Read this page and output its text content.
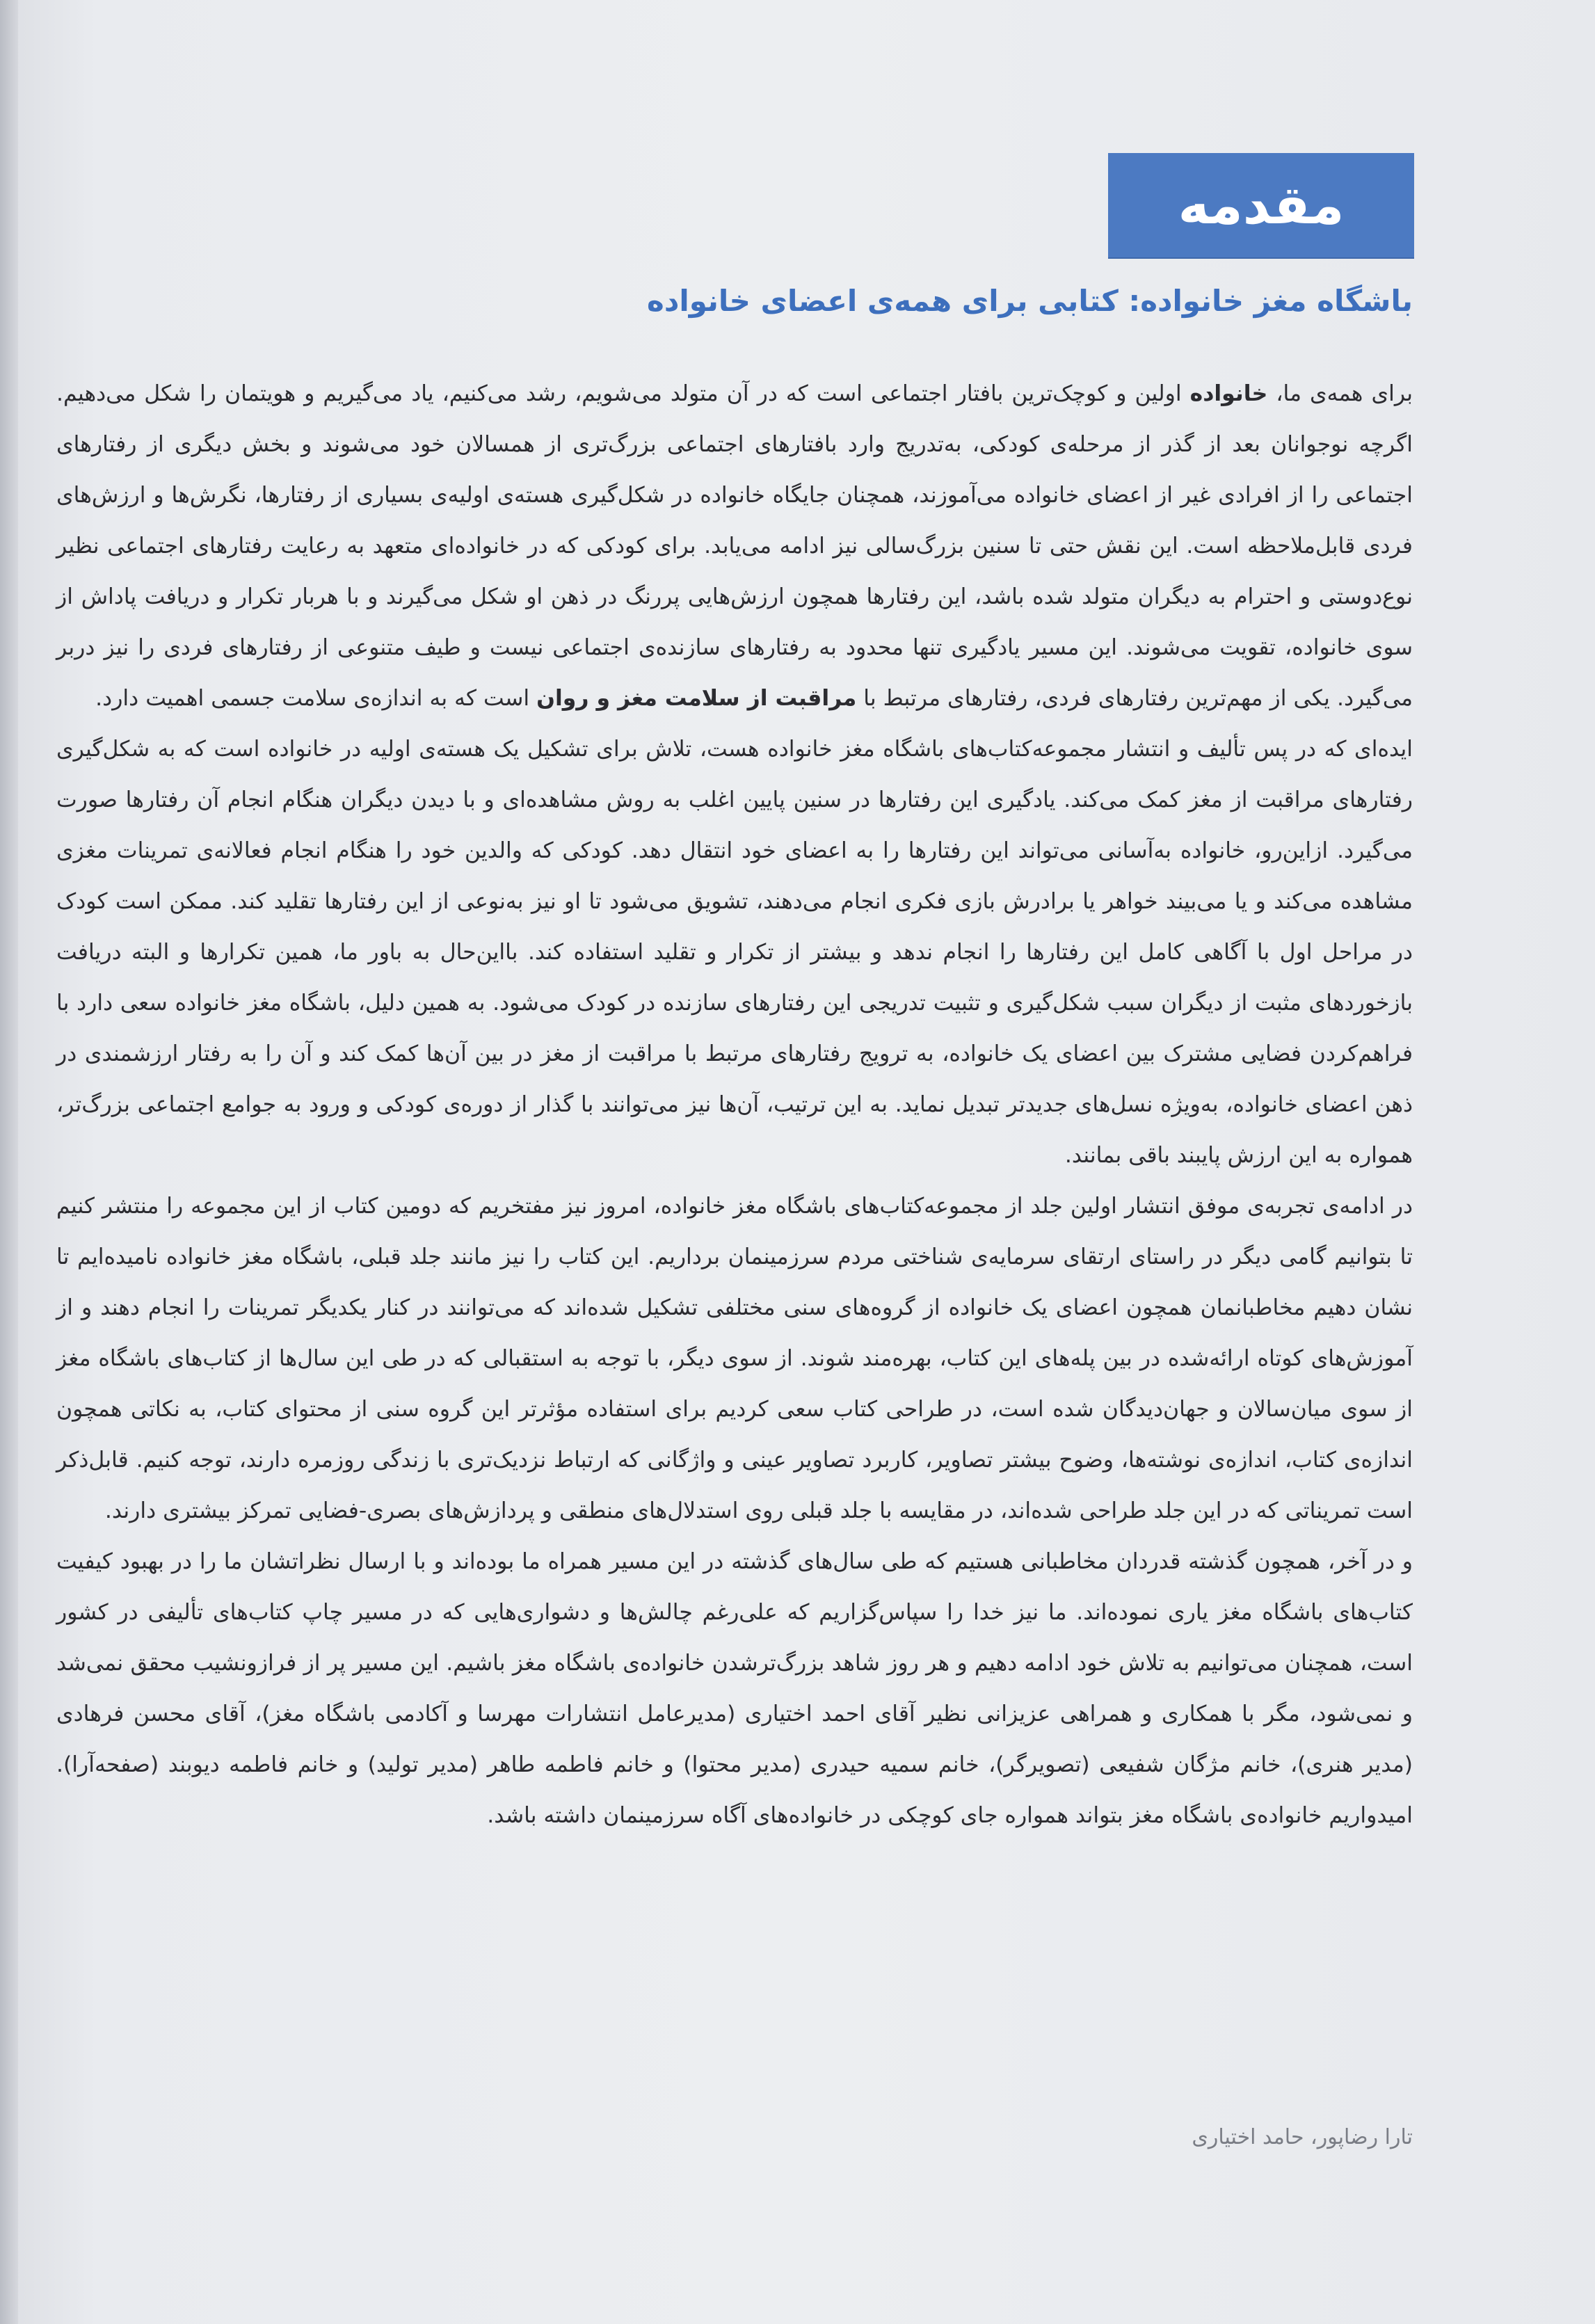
مقدمه
باشگاه مغز خانواده: کتابی برای همه‌ی اعضای خانواده

برای همه‌ی ما، خانواده اولین و کوچک‌ترین بافتار اجتماعی است که در آن متولد می‌شویم، رشد می‌کنیم، یاد می‌گیریم و هویتمان را شکل می‌دهیم. اگرچه نوجوانان بعد از گذر از مرحله‌ی کودکی، به‌تدریج وارد بافتارهای اجتماعی بزرگ‌تری از همسالان خود می‌شوند و بخش دیگری از رفتارهای اجتماعی را از افرادی غیر از اعضای خانواده می‌آموزند، همچنان جایگاه خانواده در شکل‌گیری هسته‌ی اولیه‌ی بسیاری از رفتارها، نگرش‌ها و ارزش‌های فردی قابل‌ملاحظه است. این نقش حتی تا سنین بزرگ‌سالی نیز ادامه می‌یابد. برای کودکی که در خانواده‌ای متعهد به رعایت رفتارهای اجتماعی نظیر نوع‌دوستی و احترام به دیگران متولد شده باشد، این رفتارها همچون ارزش‌هایی پررنگ در ذهن او شکل می‌گیرند و با هربار تکرار و دریافت پاداش از سوی خانواده، تقویت می‌شوند. این مسیر یادگیری تنها محدود به رفتارهای سازنده‌ی اجتماعی نیست و طیف متنوعی از رفتارهای فردی را نیز دربر می‌گیرد. یکی از مهم‌ترین رفتارهای فردی، رفتارهای مرتبط با مراقبت از سلامت مغز و روان است که به اندازه‌ی سلامت جسمی اهمیت دارد.

ایده‌ای که در پس تألیف و انتشار مجموعه‌کتاب‌های باشگاه مغز خانواده هست، تلاش برای تشکیل یک هسته‌ی اولیه در خانواده است که به شکل‌گیری رفتارهای مراقبت از مغز کمک می‌کند. یادگیری این رفتارها در سنین پایین اغلب به روش مشاهده‌ای و با دیدن دیگران هنگام انجام آن رفتارها صورت می‌گیرد. ازاین‌رو، خانواده به‌آسانی می‌تواند این رفتارها را به اعضای خود انتقال دهد. کودکی که والدین خود را هنگام انجام فعالانه‌ی تمرینات مغزی مشاهده می‌کند و یا می‌بیند خواهر یا برادرش بازی فکری انجام می‌دهند، تشویق می‌شود تا او نیز به‌نوعی از این رفتارها تقلید کند. ممکن است کودک در مراحل اول با آگاهی کامل این رفتارها را انجام ندهد و بیشتر از تکرار و تقلید استفاده کند. بااین‌حال به باور ما، همین تکرارها و البته دریافت بازخوردهای مثبت از دیگران سبب شکل‌گیری و تثبیت تدریجی این رفتارهای سازنده در کودک می‌شود. به همین دلیل، باشگاه مغز خانواده سعی دارد با فراهم‌کردن فضایی مشترک بین اعضای یک خانواده، به ترویج رفتارهای مرتبط با مراقبت از مغز در بین آن‌ها کمک کند و آن را به رفتار ارزشمندی در ذهن اعضای خانواده، به‌ویژه نسل‌های جدیدتر تبدیل نماید. به این ترتیب، آن‌ها نیز می‌توانند با گذار از دوره‌ی کودکی و ورود به جوامع اجتماعی بزرگ‌تر، همواره به این ارزش پایبند باقی بمانند.

در ادامه‌ی تجربه‌ی موفق انتشار اولین جلد از مجموعه‌کتاب‌های باشگاه مغز خانواده، امروز نیز مفتخریم که دومین کتاب از این مجموعه را منتشر کنیم تا بتوانیم گامی دیگر در راستای ارتقای سرمایه‌ی شناختی مردم سرزمینمان برداریم. این کتاب را نیز مانند جلد قبلی، باشگاه مغز خانواده نامیده‌ایم تا نشان دهیم مخاطبانمان همچون اعضای یک خانواده از گروه‌های سنی مختلفی تشکیل شده‌اند که می‌توانند در کنار یکدیگر تمرینات را انجام دهند و از آموزش‌های کوتاه ارائه‌شده در بین پله‌های این کتاب، بهره‌مند شوند. از سوی دیگر، با توجه به استقبالی که در طی این سال‌ها از کتاب‌های باشگاه مغز از سوی میان‌سالان و جهان‌دیدگان شده است، در طراحی کتاب سعی کردیم برای استفاده مؤثرتر این گروه سنی از محتوای کتاب، به نکاتی همچون اندازه‌ی کتاب، اندازه‌ی نوشته‌ها، وضوح بیشتر تصاویر، کاربرد تصاویر عینی و واژگانی که ارتباط نزدیک‌تری با زندگی روزمره دارند، توجه کنیم. قابل‌ذکر است تمریناتی که در این جلد طراحی شده‌اند، در مقایسه با جلد قبلی روی استدلال‌های منطقی و پردازش‌های بصری-فضایی تمرکز بیشتری دارند.

و در آخر، همچون گذشته قدردان مخاطبانی هستیم که طی سال‌های گذشته در این مسیر همراه ما بوده‌اند و با ارسال نظراتشان ما را در بهبود کیفیت کتاب‌های باشگاه مغز یاری نموده‌اند. ما نیز خدا را سپاس‌گزاریم که علی‌رغم چالش‌ها و دشواری‌هایی که در مسیر چاپ کتاب‌های تألیفی در کشور است، همچنان می‌توانیم به تلاش خود ادامه دهیم و هر روز شاهد بزرگ‌ترشدن خانواده‌ی باشگاه مغز باشیم. این مسیر پر از فرازونشیب محقق نمی‌شد و نمی‌شود، مگر با همکاری و همراهی عزیزانی نظیر آقای احمد اختیاری (مدیرعامل انتشارات مهرسا و آکادمی باشگاه مغز)، آقای محسن فرهادی (مدیر هنری)، خانم مژگان شفیعی (تصویرگر)، خانم سمیه حیدری (مدیر محتوا) و خانم فاطمه طاهر (مدیر تولید) و خانم فاطمه دیوبند (صفحه‌آرا). امیدواریم خانواده‌ی باشگاه مغز بتواند همواره جای کوچکی در خانواده‌های آگاه سرزمینمان داشته باشد.

تارا رضاپور، حامد اختیاری
